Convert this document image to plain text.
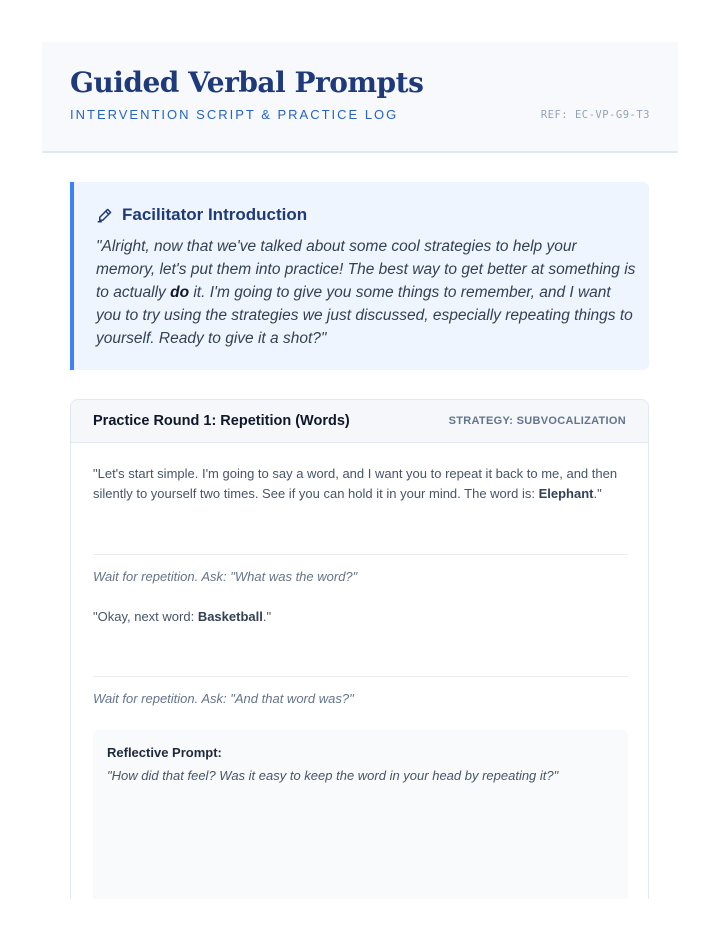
Guided Verbal Prompts
INTERVENTION SCRIPT & PRACTICE LOG	REF: EC-VP-G9-T3
Facilitator Introduction
"Alright, now that we've talked about some cool strategies to help your memory, let's put them into practice! The best way to get better at something is to actually do it. I'm going to give you some things to remember, and I want you to try using the strategies we just discussed, especially repeating things to yourself. Ready to give it a shot?"
Practice Round 1: Repetition (Words)	STRATEGY: SUBVOCALIZATION
"Let's start simple. I'm going to say a word, and I want you to repeat it back to me, and then silently to yourself two times. See if you can hold it in your mind. The word is: Elephant."
Wait for repetition. Ask: "What was the word?"
"Okay, next word: Basketball."
Wait for repetition. Ask: "And that word was?"
Reflective Prompt:
"How did that feel? Was it easy to keep the word in your head by repeating it?"
